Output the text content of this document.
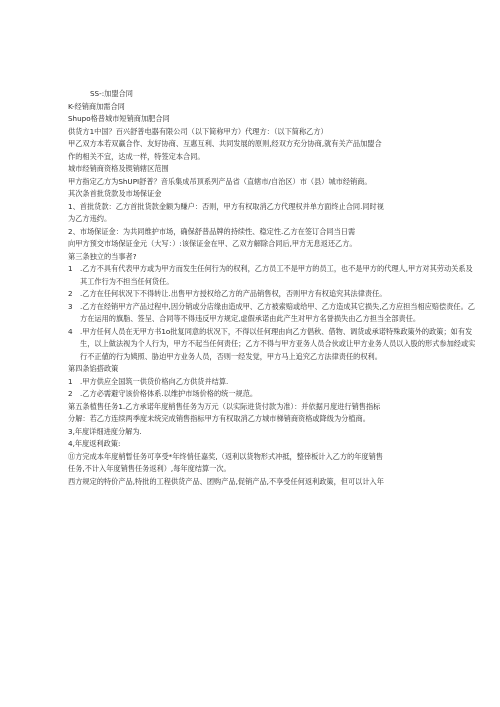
SS-:加盟合同
K-经销商加需合同
Shupo格普城市短销商加肥合同
供货方1中国？百兴舒普电器有限公司（以下简称甲方）代理方：（以下简称乙方）
甲乙双方本若双赢合作、友好协商、互惠互利、共同发展的原则,经双方充分协商,就有关产品加盟合
作的相关不宜，达成一样，特签定本合同。
城市经销商资格及锲销辖区范围
甲方指定乙方为ShUPI舒普？音乐集成吊顶系列产品省（直辖市/自治区）市（县）城市经销商。
其次条首批货款及市场保证金
1、首批货款：乙方首批货款金额为赚户：否则，甲方有权取消乙方代理权并单方面终止合同.同时视
为乙方违约。
2、市场保证金：为共同维护市场，确保舒普品牌的持续性、稳定性.乙方在签订合同当日需
向甲方预交市场保证金元（大写：）:该保证金在甲、乙双方解除合同后,甲方无息返还乙方。
第三条独立的当事者?
1	.乙方不具有代表甲方或为甲方而发生任何行为的权利，乙方员工不是甲方的员工，也不是甲方的代理人,甲方对其劳动关系及其工作行为不担当任何货任。
2	.乙方在任何状况下不得转让.出售甲方授权给乙方的产品销售权，否则甲方有权追究其法律责任。
3	.乙方在经销甲方产品过程中,因分销或分店缘由造成甲、乙方被索赔或给甲、乙方造成其它损失,乙方应担当相应赔偿责任。乙方在运用的旗脂、签呈、合同等不得违反甲方规定,虚假承诺由此产生对甲方名誉损失由乙方担当全部责任。
4	.甲方任何人员在无甲方书1ο批复同意的状况下，不得以任何理由向乙方倡秋、借物、调货或承诺特殊政策外的政策；如有发生，以上做法视为个人行为，甲方不起当任何责任；乙方不得与甲方亚务人员合伙或让甲方业务人员以入股的形式参加经或实行不正値的行为姨照、胁迫甲方业务人员，否则一经发觉，甲方马上追究乙方法律责任的权利。
第四条馅搭政策
1	.甲方供应全国筑一供货价格向乙方供货并结算.
2	.乙方必需避守该价格体系.以维护市场价格的统一规范。
第五条植售任务1.乙方承诺年度梢售任务为万元（以实际进货付款为准）：并依据月度进行销售指标
分解：若乙方连续两季度未统完成销售指标甲方有权取消乙方城市梯销商资格或降级为分植商。
3,年度详细进度分解为.
4,年度返利政策:
⑪方完成本年度梢暂任务可享受*年终悄任嘉奖,（返利以货物形式冲抵，整倖板计入乙方的年度销售
任务,不计入年度销售任务返利）,每年度结算一次。
西方规定的特价产品,特批的工程供货产品、团购产品,促销产品,不享受任何返利政策，但可以计入年
